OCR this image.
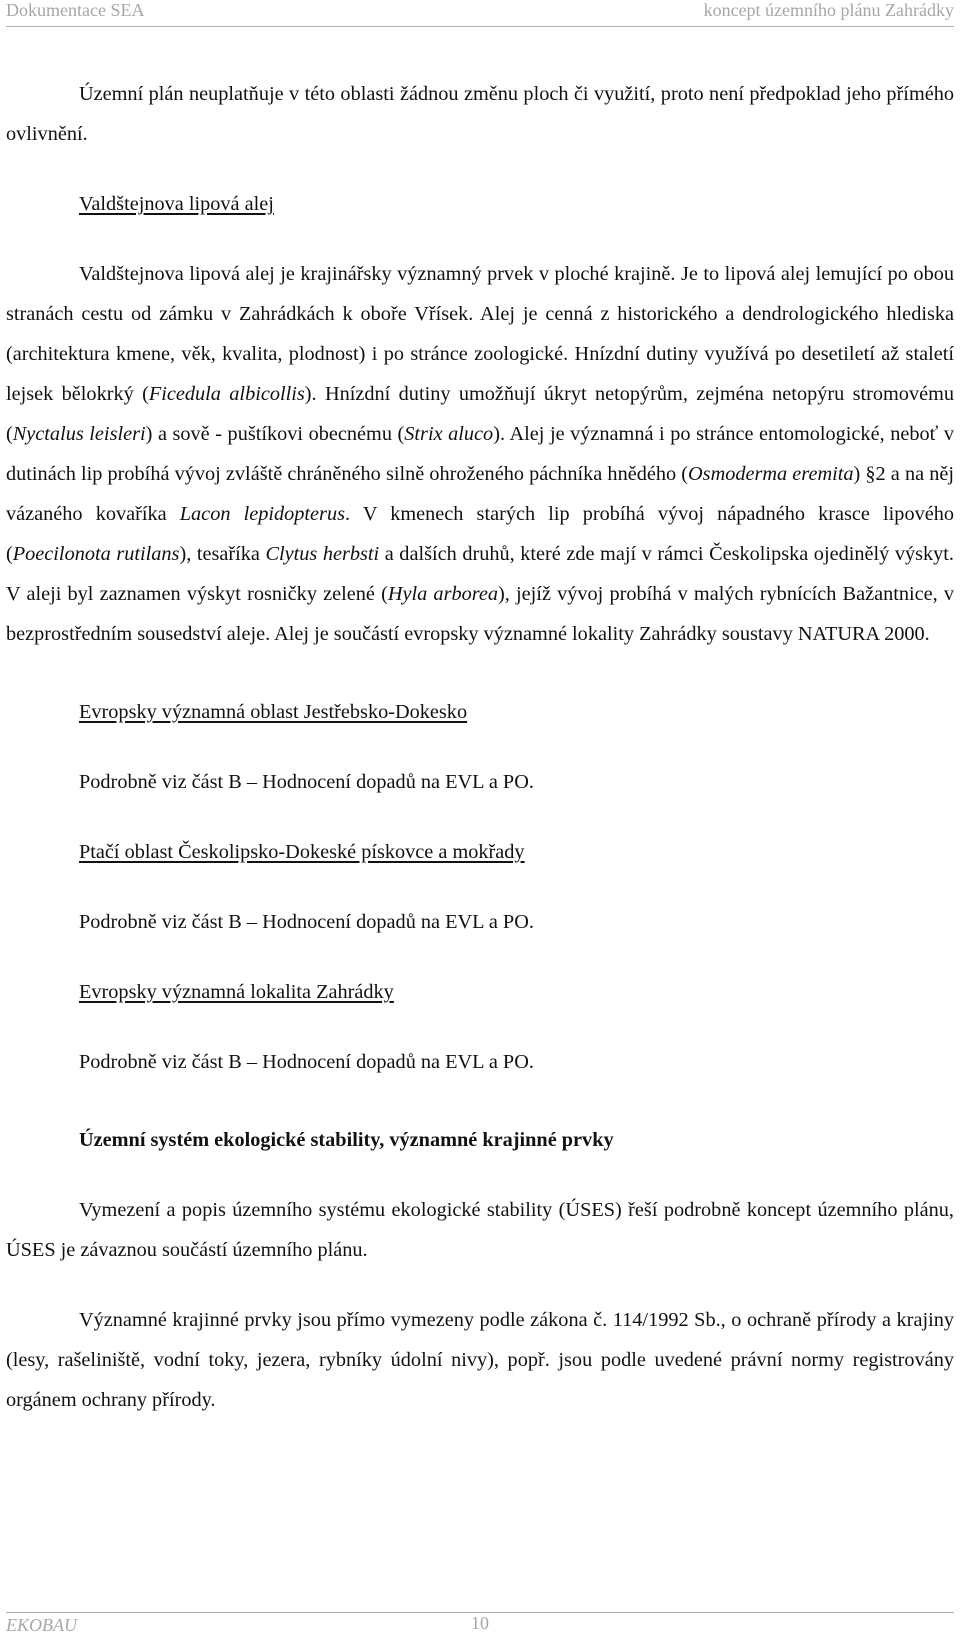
Dokumentace SEA	koncept územního plánu Zahrádky

Územní plán neuplatňuje v této oblasti žádnou změnu ploch či využití, proto není předpoklad jeho přímého ovlivnění.

Valdštejnova lipová alej

Valdštejnova lipová alej je krajinářsky významný prvek v ploché krajině. Je to lipová alej lemující po obou stranách cestu od zámku v Zahrádkách k oboře Vřísek. Alej je cenná z historického a dendrologického hlediska (architektura kmene, věk, kvalita, plodnost) i po stránce zoologické. Hnízdní dutiny využívá po desetiletí až staletí lejsek bělokrký (Ficedula albicollis). Hnízdní dutiny umožňují úkryt netopýrům, zejména netopýru stromovému (Nyctalus leisleri) a sově - puštíkovi obecnému (Strix aluco). Alej je významná i po stránce entomologické, neboť v dutinách lip probíhá vývoj zvláště chráněného silně ohroženého páchníka hnědého (Osmoderma eremita) §2 a na něj vázaného kovaříka Lacon lepidopterus. V kmenech starých lip probíhá vývoj nápadného krasce lipového (Poecilonota rutilans), tesaříka Clytus herbsti a dalších druhů, které zde mají v rámci Českolipska ojedinělý výskyt. V aleji byl zaznamen výskyt rosničky zelené (Hyla arborea), jejíž vývoj probíhá v malých rybnících Bažantnice, v bezprostředním sousedství aleje. Alej je součástí evropsky významné lokality Zahrádky soustavy NATURA 2000.

Evropsky významná oblast Jestřebsko-Dokesko

Podrobně viz část B – Hodnocení dopadů na EVL a PO.

Ptačí oblast Českolipsko-Dokeské pískovce a mokřady

Podrobně viz část B – Hodnocení dopadů na EVL a PO.

Evropsky významná lokalita Zahrádky

Podrobně viz část B – Hodnocení dopadů na EVL a PO.

Územní systém ekologické stability, významné krajinné prvky

Vymezení a popis územního systému ekologické stability (ÚSES) řeší podrobně koncept územního plánu, ÚSES je závaznou součástí územního plánu.

Významné krajinné prvky jsou přímo vymezeny podle zákona č. 114/1992 Sb., o ochraně přírody a krajiny (lesy, rašeliniště, vodní toky, jezera, rybníky údolní nivy), popř. jsou podle uvedené právní normy registrovány orgánem ochrany přírody.

EKOBAU	10
